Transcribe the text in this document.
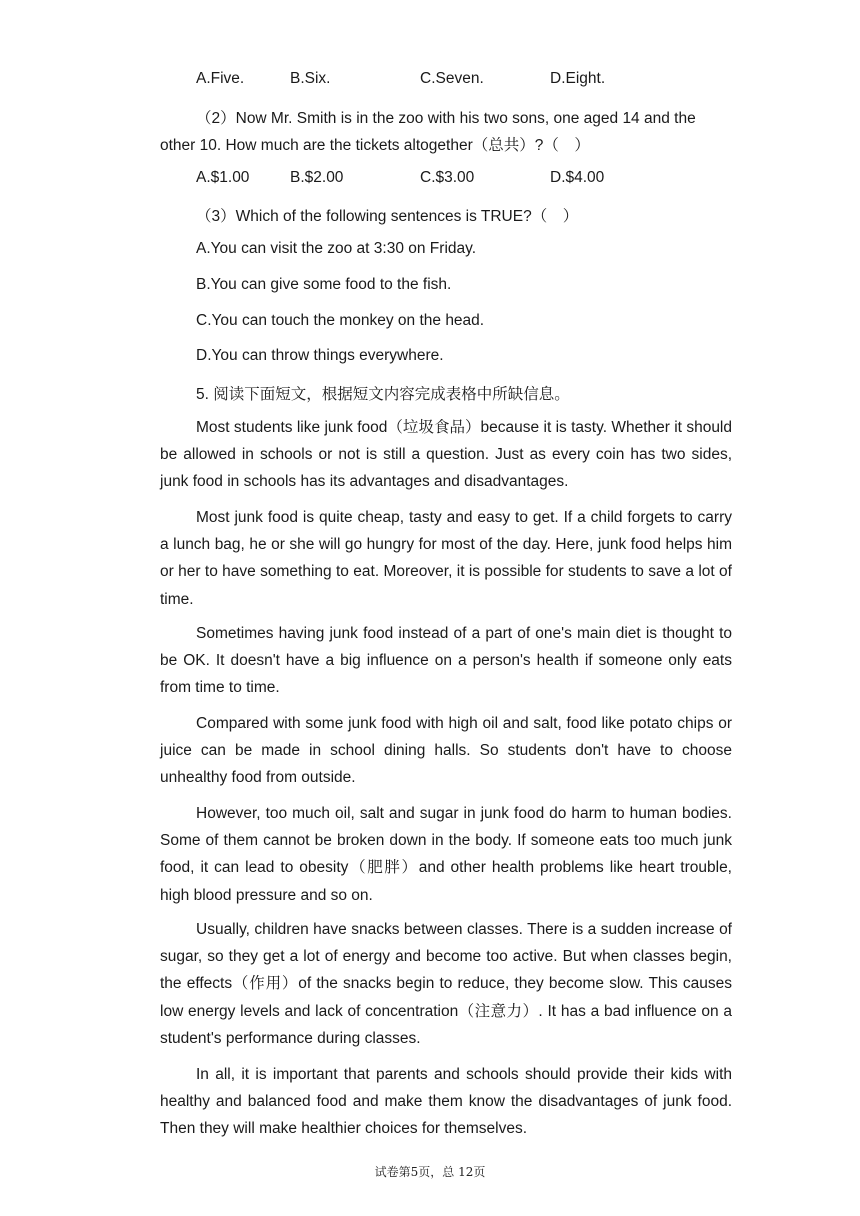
A.Five.	B.Six.	C.Seven.	D.Eight.
（2）Now Mr. Smith is in the zoo with his two sons, one aged 14 and the
other 10. How much are the tickets altogether（总共）?（　）
A.$1.00	B.$2.00	C.$3.00	D.$4.00
（3）Which of the following sentences is TRUE?（　）
A.You can visit the zoo at 3:30 on Friday.
B.You can give some food to the fish.
C.You can touch the monkey on the head.
D.You can throw things everywhere.
5. 阅读下面短文，根据短文内容完成表格中所缺信息。
Most students like junk food（垃圾食品）because it is tasty. Whether it should be allowed in schools or not is still a question. Just as every coin has two sides, junk food in schools has its advantages and disadvantages.
Most junk food is quite cheap, tasty and easy to get. If a child forgets to carry a lunch bag, he or she will go hungry for most of the day. Here, junk food helps him or her to have something to eat. Moreover, it is possible for students to save a lot of time.
Sometimes having junk food instead of a part of one's main diet is thought to be OK. It doesn't have a big influence on a person's health if someone only eats from time to time.
Compared with some junk food with high oil and salt, food like potato chips or juice can be made in school dining halls. So students don't have to choose unhealthy food from outside.
However, too much oil, salt and sugar in junk food do harm to human bodies. Some of them cannot be broken down in the body. If someone eats too much junk food, it can lead to obesity（肥胖）and other health problems like heart trouble, high blood pressure and so on.
Usually, children have snacks between classes. There is a sudden increase of sugar, so they get a lot of energy and become too active. But when classes begin, the effects（作用）of the snacks begin to reduce, they become slow. This causes low energy levels and lack of concentration（注意力）. It has a bad influence on a student's performance during classes.
In all, it is important that parents and schools should provide their kids with healthy and balanced food and make them know the disadvantages of junk food. Then they will make healthier choices for themselves.
试卷第5页，总 12页
